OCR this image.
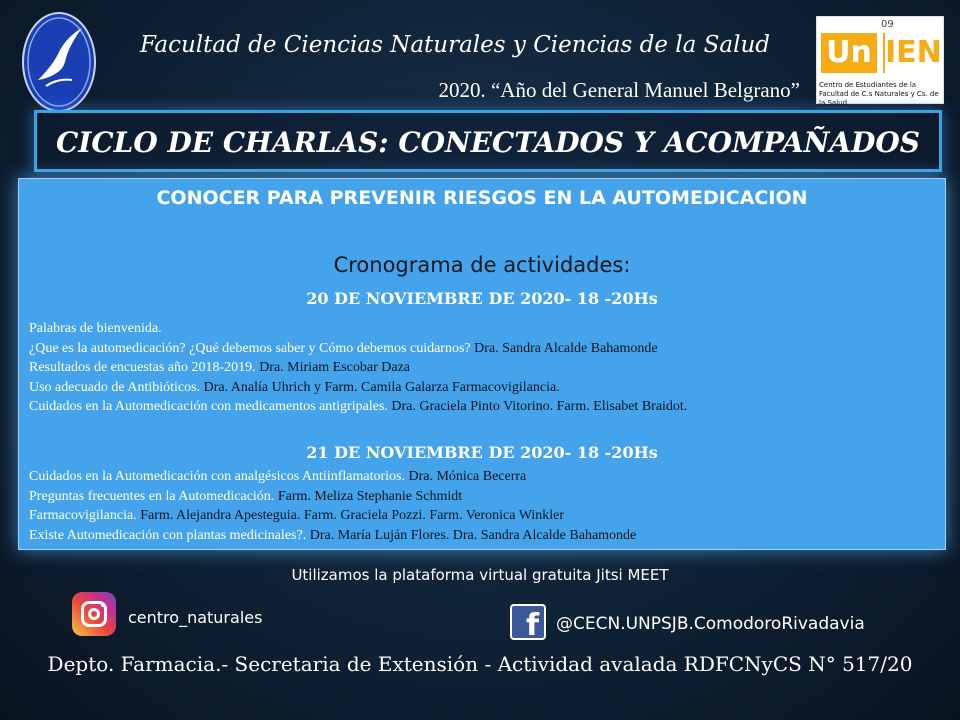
Facultad de Ciencias Naturales y Ciencias de la Salud
2020. “Año del General Manuel Belgrano”
09
Un IEN
Centro de Estudiantes de la Facultad de C.s Naturales y Cs. de la Salud
CICLO DE CHARLAS: CONECTADOS Y ACOMPAÑADOS
CONOCER PARA PREVENIR RIESGOS EN LA AUTOMEDICACION
Cronograma de actividades:
20 DE NOVIEMBRE DE 2020- 18 -20Hs
Palabras de bienvenida.
¿Que es la automedicación? ¿Qué debemos saber y Cómo debemos cuidarnos? Dra. Sandra Alcalde Bahamonde
Resultados de encuestas año 2018-2019. Dra. Miriam Escobar Daza
Uso adecuado de Antibióticos. Dra. Analía Uhrich y Farm. Camila Galarza Farmacovigilancia.
Cuidados en la Automedicación con medicamentos antigripales. Dra. Graciela Pinto Vitorino. Farm. Elisabet Braidot.
21 DE NOVIEMBRE DE 2020- 18 -20Hs
Cuidados en la Automedicación con analgésicos Antiinflamatorios. Dra. Mónica Becerra
Preguntas frecuentes en la Automedicación. Farm. Meliza Stephanie Schmidt
Farmacovigilancia. Farm. Alejandra Apesteguia. Farm. Graciela Pozzi. Farm. Veronica Winkler
Existe Automedicación con plantas medicinales?. Dra. María Luján Flores. Dra. Sandra Alcalde Bahamonde
Utilizamos la plataforma virtual gratuita Jitsi MEET
centro_naturales	f	@CECN.UNPSJB.ComodoroRivadavia
Depto. Farmacia.- Secretaria de Extensión - Actividad avalada RDFCNyCS N° 517/20
